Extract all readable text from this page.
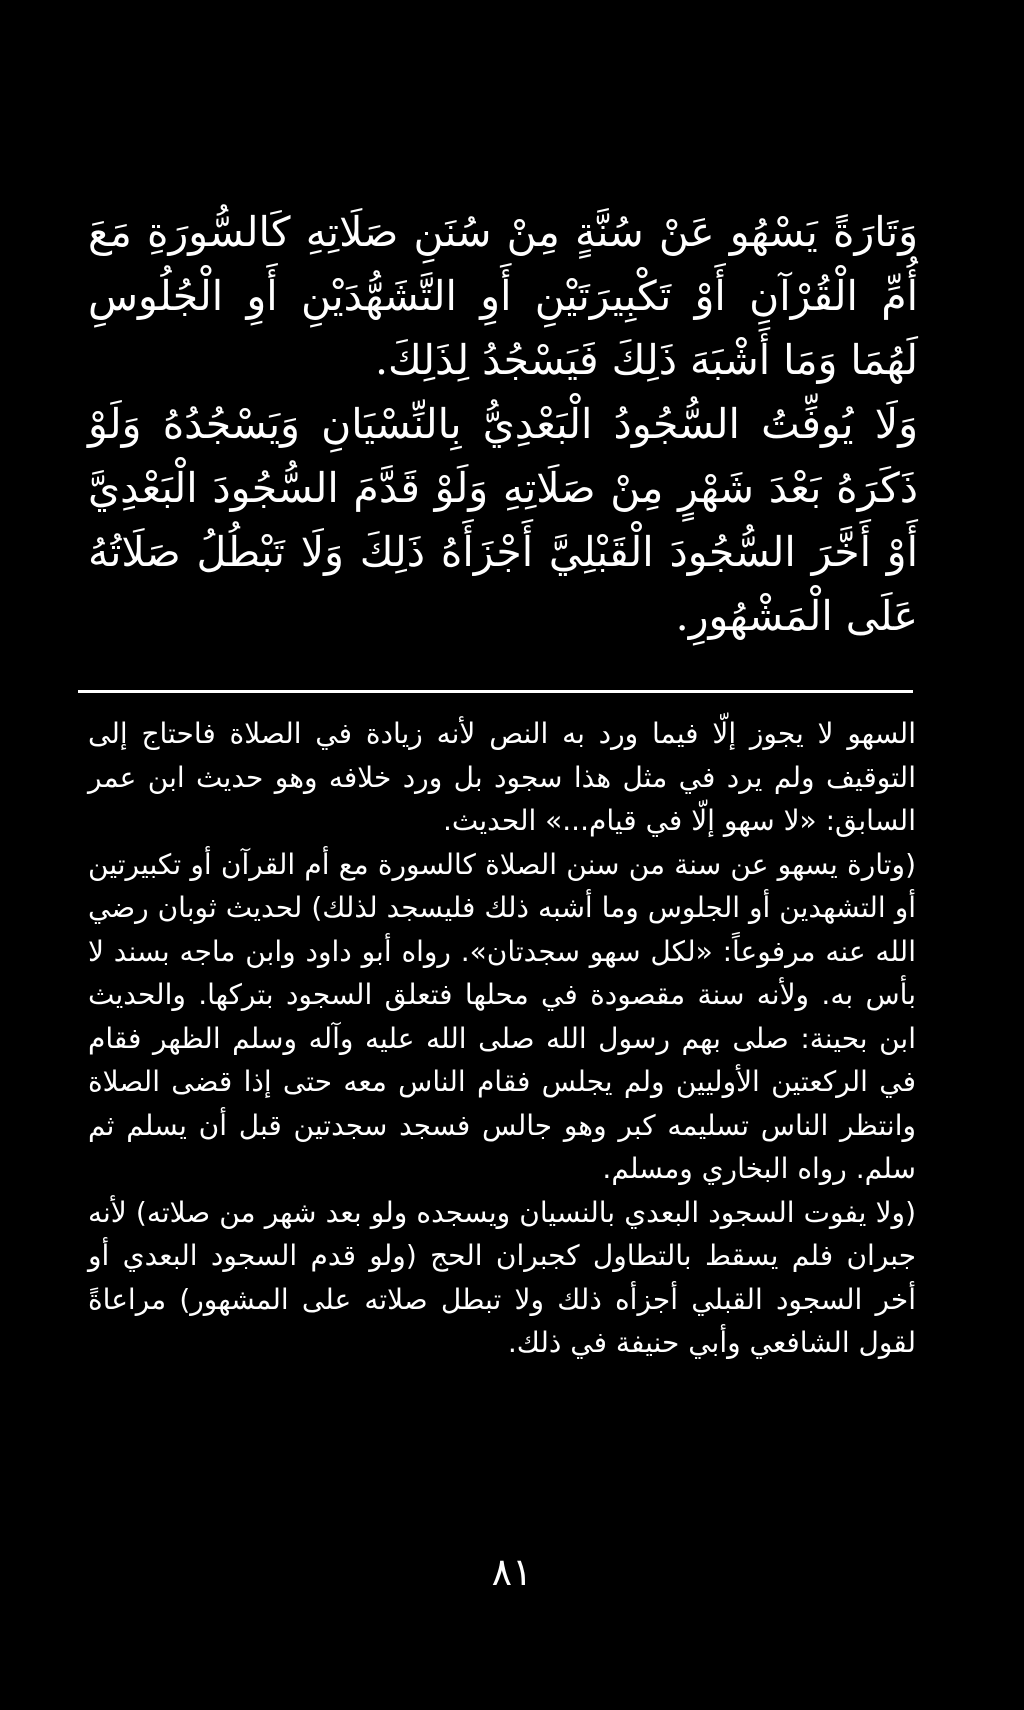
وَتَارَةً يَسْهُو عَنْ سُنَّةٍ مِنْ سُنَنِ صَلَاتِهِ كَالسُّورَةِ مَعَ أُمِّ الْقُرْآنِ أَوْ تَكْبِيرَتَيْنِ أَوِ التَّشَهُّدَيْنِ أَوِ الْجُلُوسِ لَهُمَا وَمَا أَشْبَهَ ذَلِكَ فَيَسْجُدُ لِذَلِكَ.

وَلَا يُوفِّتُ السُّجُودُ الْبَعْدِيُّ بِالنِّسْيَانِ وَيَسْجُدُهُ وَلَوْ ذَكَرَهُ بَعْدَ شَهْرٍ مِنْ صَلَاتِهِ وَلَوْ قَدَّمَ السُّجُودَ الْبَعْدِيَّ أَوْ أَخَّرَ السُّجُودَ الْقَبْلِيَّ أَجْزَأَهُ ذَلِكَ وَلَا تَبْطُلُ صَلَاتُهُ عَلَى الْمَشْهُورِ.

السهو لا يجوز إلّا فيما ورد به النص لأنه زيادة في الصلاة فاحتاج إلى التوقيف ولم يرد في مثل هذا سجود بل ورد خلافه وهو حديث ابن عمر السابق: «لا سهو إلّا في قيام...» الحديث.

(وتارة يسهو عن سنة من سنن الصلاة كالسورة مع أم القرآن أو تكبيرتين أو التشهدين أو الجلوس وما أشبه ذلك فليسجد لذلك) لحديث ثوبان رضي الله عنه مرفوعاً: «لكل سهو سجدتان». رواه أبو داود وابن ماجه بسند لا بأس به. ولأنه سنة مقصودة في محلها فتعلق السجود بتركها. والحديث ابن بحينة: صلى بهم رسول الله صلى الله عليه وآله وسلم الظهر فقام في الركعتين الأوليين ولم يجلس فقام الناس معه حتى إذا قضى الصلاة وانتظر الناس تسليمه كبر وهو جالس فسجد سجدتين قبل أن يسلم ثم سلم. رواه البخاري ومسلم.

(ولا يفوت السجود البعدي بالنسيان ويسجده ولو بعد شهر من صلاته) لأنه جبران فلم يسقط بالتطاول كجبران الحج (ولو قدم السجود البعدي أو أخر السجود القبلي أجزأه ذلك ولا تبطل صلاته على المشهور) مراعاةً لقول الشافعي وأبي حنيفة في ذلك.

٨١
